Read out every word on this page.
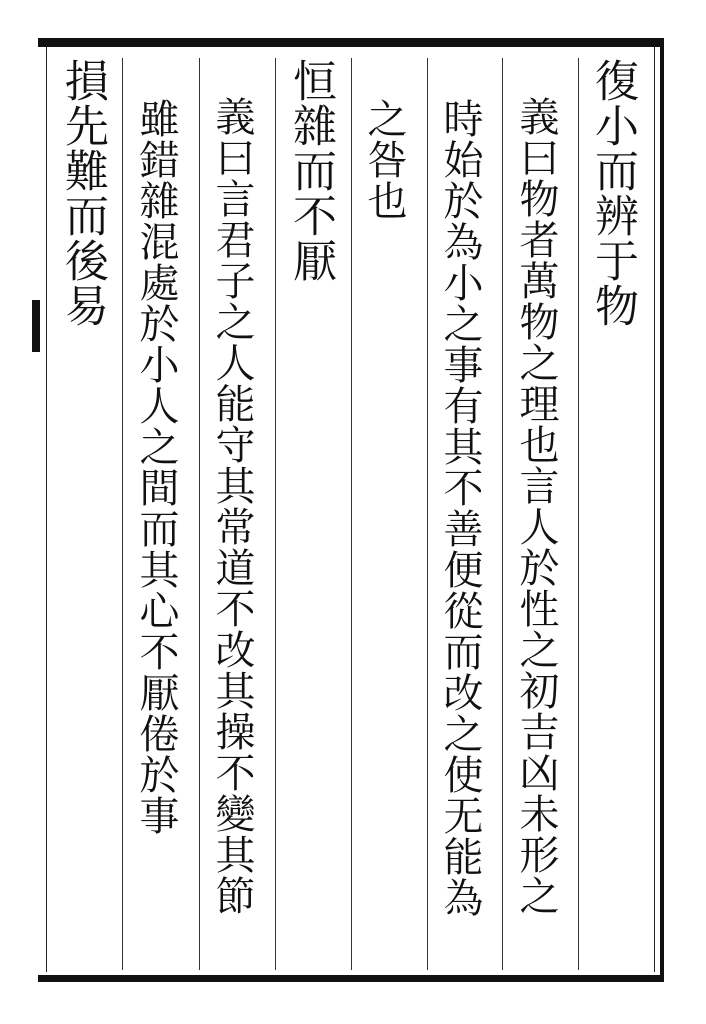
復小而辨于物
義曰物者萬物之理也言人於性之初吉凶未形之
時始於為小之事有其不善便從而改之使无能為
之咎也
恒雜而不厭
義曰言君子之人能守其常道不改其操不變其節
雖錯雜混處於小人之間而其心不厭倦於事
損先難而後易
